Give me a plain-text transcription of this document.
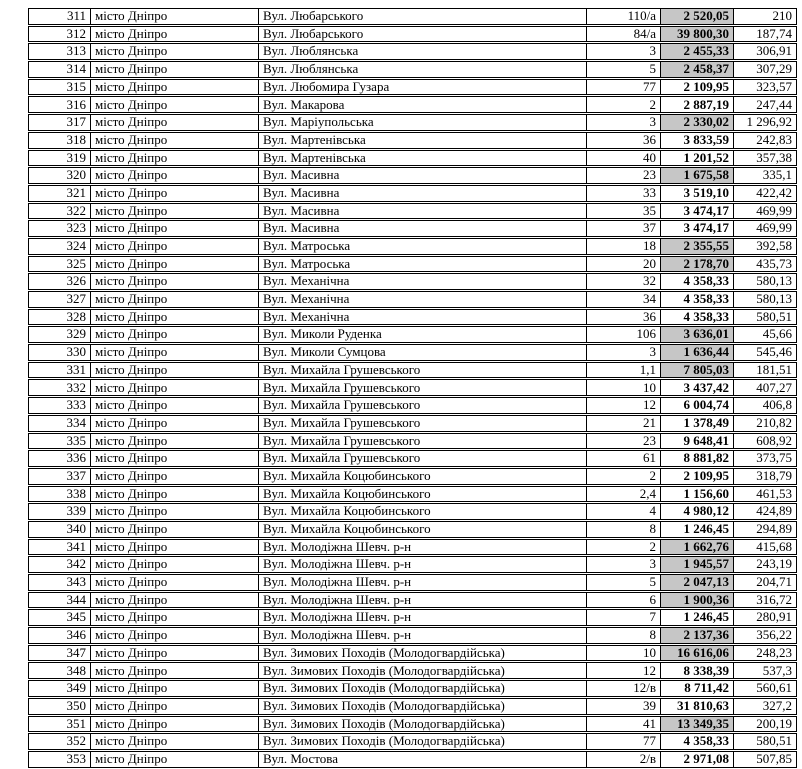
311	місто Дніпро	Вул. Любарського	110/а	2 520,05	210
312	місто Дніпро	Вул. Любарського	84/а	39 800,30	187,74
313	місто Дніпро	Вул. Люблянська	3	2 455,33	306,91
314	місто Дніпро	Вул. Люблянська	5	2 458,37	307,29
315	місто Дніпро	Вул. Любомира Гузара	77	2 109,95	323,57
316	місто Дніпро	Вул. Макарова	2	2 887,19	247,44
317	місто Дніпро	Вул. Маріупольська	3	2 330,02	1 296,92
318	місто Дніпро	Вул. Мартенівська	36	3 833,59	242,83
319	місто Дніпро	Вул. Мартенівська	40	1 201,52	357,38
320	місто Дніпро	Вул. Масивна	23	1 675,58	335,1
321	місто Дніпро	Вул. Масивна	33	3 519,10	422,42
322	місто Дніпро	Вул. Масивна	35	3 474,17	469,99
323	місто Дніпро	Вул. Масивна	37	3 474,17	469,99
324	місто Дніпро	Вул. Матроська	18	2 355,55	392,58
325	місто Дніпро	Вул. Матроська	20	2 178,70	435,73
326	місто Дніпро	Вул. Механічна	32	4 358,33	580,13
327	місто Дніпро	Вул. Механічна	34	4 358,33	580,13
328	місто Дніпро	Вул. Механічна	36	4 358,33	580,51
329	місто Дніпро	Вул. Миколи Руденка	106	3 636,01	45,66
330	місто Дніпро	Вул. Миколи Сумцова	3	1 636,44	545,46
331	місто Дніпро	Вул. Михайла Грушевського	1,1	7 805,03	181,51
332	місто Дніпро	Вул. Михайла Грушевського	10	3 437,42	407,27
333	місто Дніпро	Вул. Михайла Грушевського	12	6 004,74	406,8
334	місто Дніпро	Вул. Михайла Грушевського	21	1 378,49	210,82
335	місто Дніпро	Вул. Михайла Грушевського	23	9 648,41	608,92
336	місто Дніпро	Вул. Михайла Грушевського	61	8 881,82	373,75
337	місто Дніпро	Вул. Михайла Коцюбинського	2	2 109,95	318,79
338	місто Дніпро	Вул. Михайла Коцюбинського	2,4	1 156,60	461,53
339	місто Дніпро	Вул. Михайла Коцюбинського	4	4 980,12	424,89
340	місто Дніпро	Вул. Михайла Коцюбинського	8	1 246,45	294,89
341	місто Дніпро	Вул. Молодіжна Шевч. р-н	2	1 662,76	415,68
342	місто Дніпро	Вул. Молодіжна Шевч. р-н	3	1 945,57	243,19
343	місто Дніпро	Вул. Молодіжна Шевч. р-н	5	2 047,13	204,71
344	місто Дніпро	Вул. Молодіжна Шевч. р-н	6	1 900,36	316,72
345	місто Дніпро	Вул. Молодіжна Шевч. р-н	7	1 246,45	280,91
346	місто Дніпро	Вул. Молодіжна Шевч. р-н	8	2 137,36	356,22
347	місто Дніпро	Вул. Зимових Походів (Молодогвардійська)	10	16 616,06	248,23
348	місто Дніпро	Вул. Зимових Походів (Молодогвардійська)	12	8 338,39	537,3
349	місто Дніпро	Вул. Зимових Походів (Молодогвардійська)	12/в	8 711,42	560,61
350	місто Дніпро	Вул. Зимових Походів (Молодогвардійська)	39	31 810,63	327,2
351	місто Дніпро	Вул. Зимових Походів (Молодогвардійська)	41	13 349,35	200,19
352	місто Дніпро	Вул. Зимових Походів (Молодогвардійська)	77	4 358,33	580,51
353	місто Дніпро	Вул. Мостова	2/в	2 971,08	507,85
